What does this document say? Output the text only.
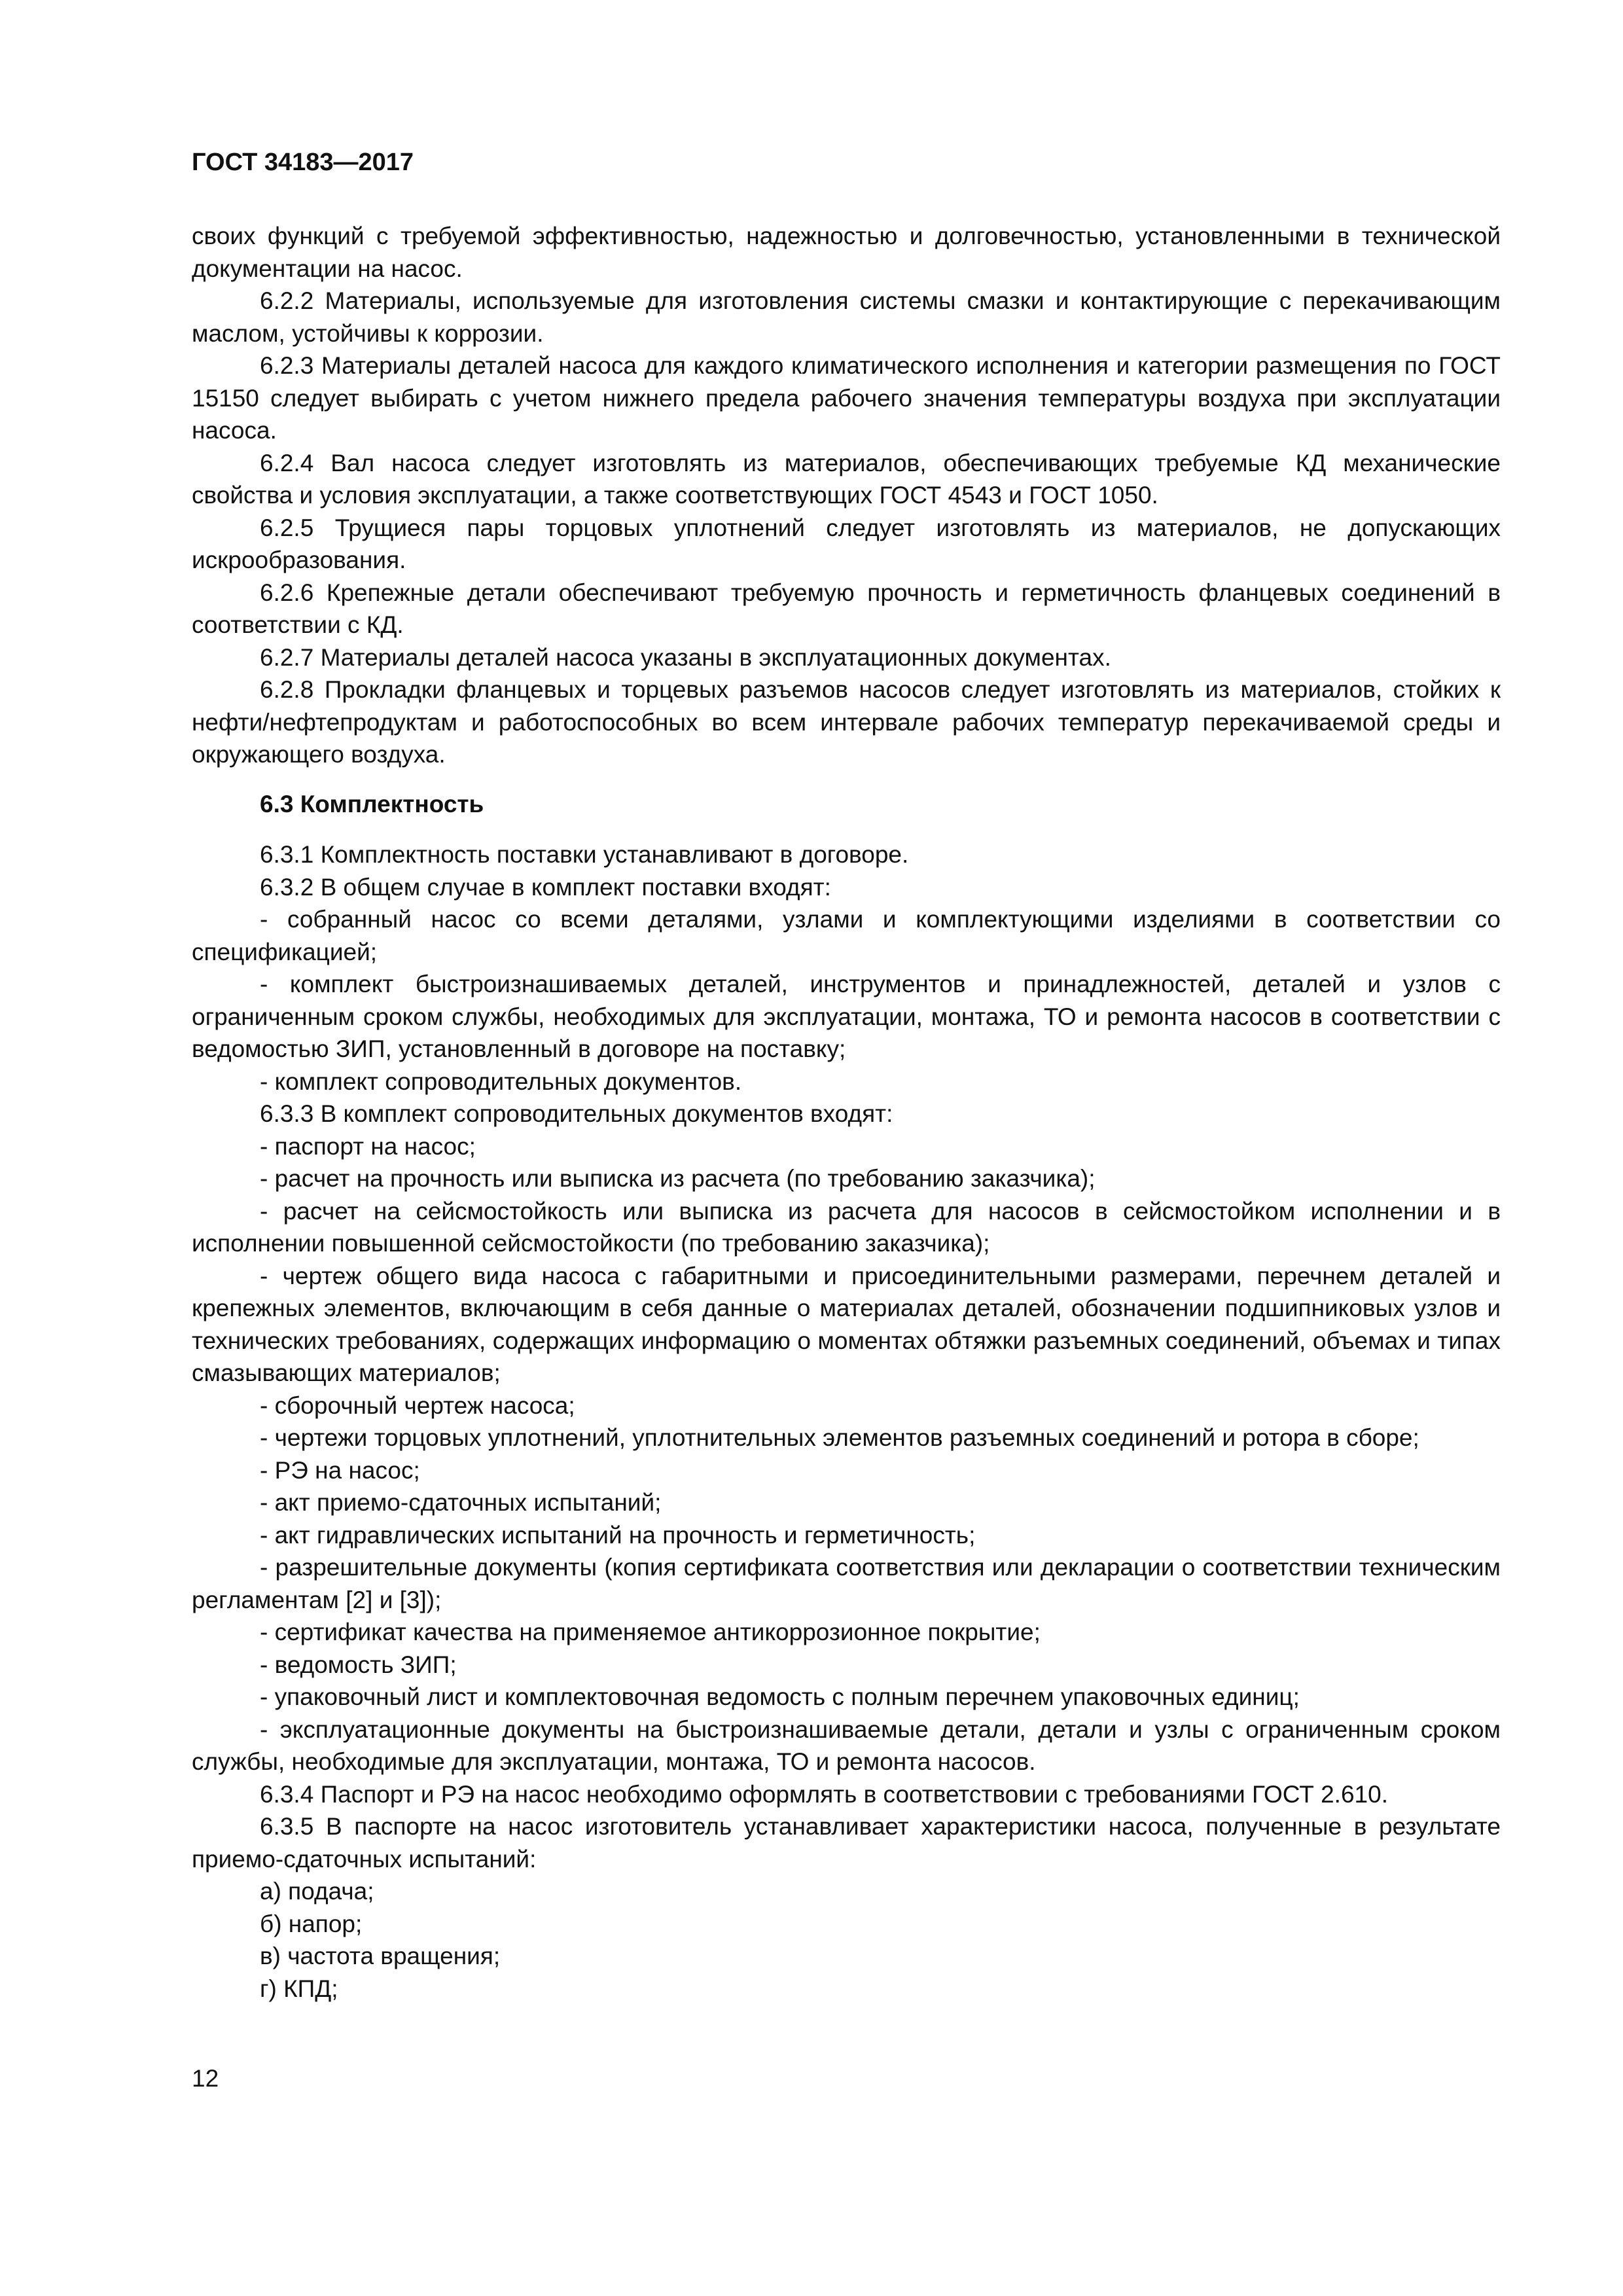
ГОСТ 34183—2017

своих функций с требуемой эффективностью, надежностью и долговечностью, установленными в технической документации на насос.

6.2.2 Материалы, используемые для изготовления системы смазки и контактирующие с перекачивающим маслом, устойчивы к коррозии.

6.2.3 Материалы деталей насоса для каждого климатического исполнения и категории размещения по ГОСТ 15150 следует выбирать с учетом нижнего предела рабочего значения температуры воздуха при эксплуатации насоса.

6.2.4 Вал насоса следует изготовлять из материалов, обеспечивающих требуемые КД механические свойства и условия эксплуатации, а также соответствующих ГОСТ 4543 и ГОСТ 1050.

6.2.5 Трущиеся пары торцовых уплотнений следует изготовлять из материалов, не допускающих искрообразования.

6.2.6 Крепежные детали обеспечивают требуемую прочность и герметичность фланцевых соединений в соответствии с КД.

6.2.7 Материалы деталей насоса указаны в эксплуатационных документах.

6.2.8 Прокладки фланцевых и торцевых разъемов насосов следует изготовлять из материалов, стойких к нефти/нефтепродуктам и работоспособных во всем интервале рабочих температур перекачиваемой среды и окружающего воздуха.

6.3 Комплектность

6.3.1 Комплектность поставки устанавливают в договоре.

6.3.2 В общем случае в комплект поставки входят:

- собранный насос со всеми деталями, узлами и комплектующими изделиями в соответствии со спецификацией;

- комплект быстроизнашиваемых деталей, инструментов и принадлежностей, деталей и узлов с ограниченным сроком службы, необходимых для эксплуатации, монтажа, ТО и ремонта насосов в соответствии с ведомостью ЗИП, установленный в договоре на поставку;

- комплект сопроводительных документов.

6.3.3 В комплект сопроводительных документов входят:

- паспорт на насос;

- расчет на прочность или выписка из расчета (по требованию заказчика);

- расчет на сейсмостойкость или выписка из расчета для насосов в сейсмостойком исполнении и в исполнении повышенной сейсмостойкости (по требованию заказчика);

- чертеж общего вида насоса с габаритными и присоединительными размерами, перечнем деталей и крепежных элементов, включающим в себя данные о материалах деталей, обозначении подшипниковых узлов и технических требованиях, содержащих информацию о моментах обтяжки разъемных соединений, объемах и типах смазывающих материалов;

- сборочный чертеж насоса;

- чертежи торцовых уплотнений, уплотнительных элементов разъемных соединений и ротора в сборе;

- РЭ на насос;

- акт приемо-сдаточных испытаний;

- акт гидравлических испытаний на прочность и герметичность;

- разрешительные документы (копия сертификата соответствия или декларации о соответствии техническим регламентам [2] и [3]);

- сертификат качества на применяемое антикоррозионное покрытие;

- ведомость ЗИП;

- упаковочный лист и комплектовочная ведомость с полным перечнем упаковочных единиц;

- эксплуатационные документы на быстроизнашиваемые детали, детали и узлы с ограниченным сроком службы, необходимые для эксплуатации, монтажа, ТО и ремонта насосов.

6.3.4 Паспорт и РЭ на насос необходимо оформлять в соответствовии с требованиями ГОСТ 2.610.

6.3.5 В паспорте на насос изготовитель устанавливает характеристики насоса, полученные в результате приемо-сдаточных испытаний:

а) подача;

б) напор;

в) частота вращения;

г) КПД;

12
